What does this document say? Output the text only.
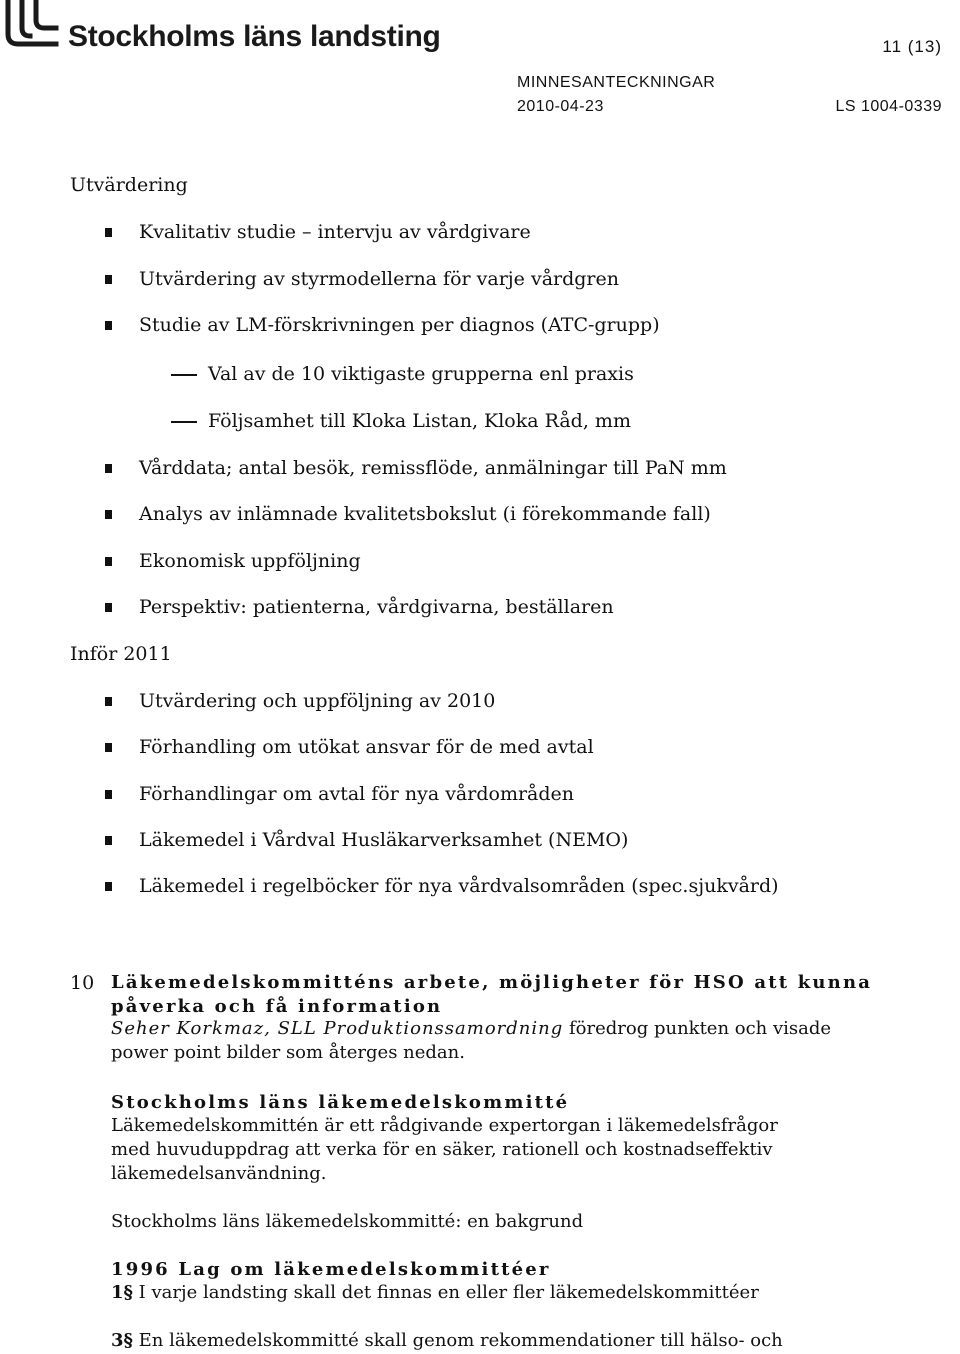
Stockholms läns landsting	11 (13)
MINNESANTECKNINGAR
2010-04-23	LS 1004-0339
Utvärdering
Kvalitativ studie – intervju av vårdgivare
Utvärdering av styrmodellerna för varje vårdgren
Studie av LM-förskrivningen per diagnos (ATC-grupp)
Val av de 10 viktigaste grupperna enl praxis
Följsamhet till Kloka Listan, Kloka Råd, mm
Vårddata; antal besök, remissflöde, anmälningar till PaN mm
Analys av inlämnade kvalitetsbokslut (i förekommande fall)
Ekonomisk uppföljning
Perspektiv: patienterna, vårdgivarna, beställaren
Inför 2011
Utvärdering och uppföljning av 2010
Förhandling om utökat ansvar för de med avtal
Förhandlingar om avtal för nya vårdområden
Läkemedel i Vårdval Husläkarverksamhet (NEMO)
Läkemedel i regelböcker för nya vårdvalsområden (spec.sjukvård)
10 Läkemedelskommitténs arbete, möjligheter för HSO att kunna
påverka och få information
Seher Korkmaz, SLL Produktionssamordning föredrog punkten och visade
power point bilder som återges nedan.
Stockholms läns läkemedelskommitté
Läkemedelskommittén är ett rådgivande expertorgan i läkemedelsfrågor
med huvuduppdrag att verka för en säker, rationell och kostnadseffektiv
läkemedelsanvändning.
Stockholms läns läkemedelskommitté: en bakgrund
1996 Lag om läkemedelskommittéer
1§ I varje landsting skall det finnas en eller fler läkemedelskommittéer
3§ En läkemedelskommitté skall genom rekommendationer till hälso- och
